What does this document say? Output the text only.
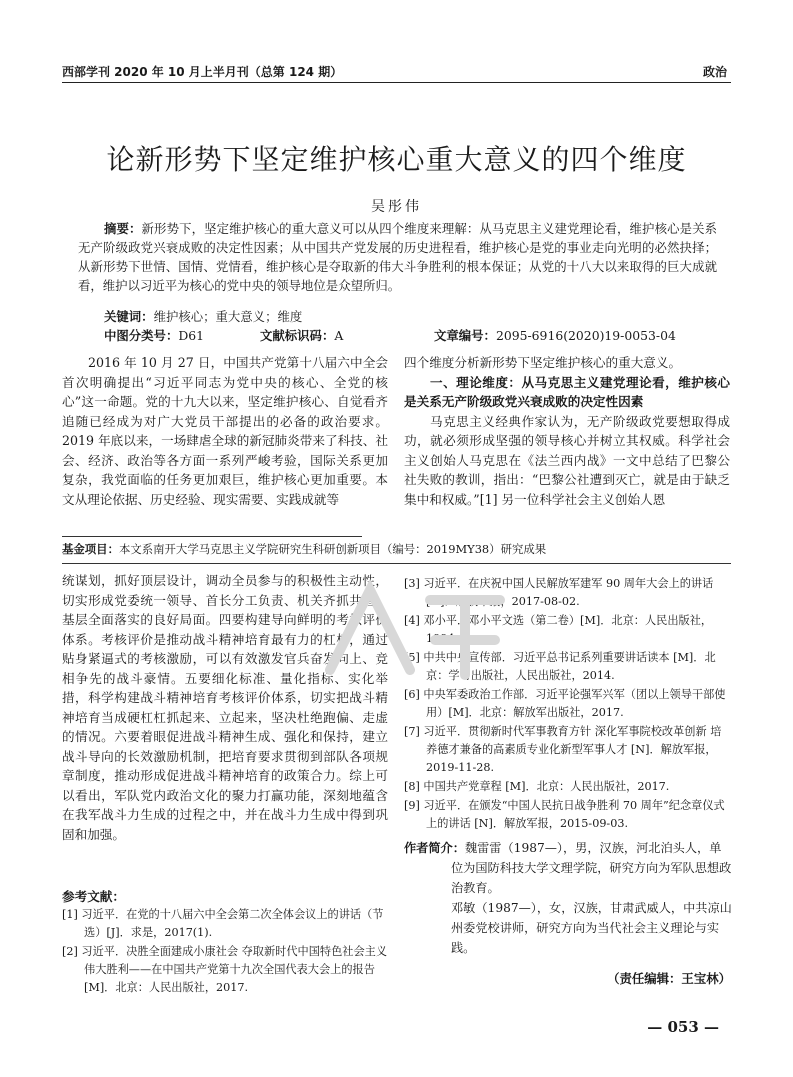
西部学刊 2020 年 10 月上半月刊（总第 124 期）	政治
论新形势下坚定维护核心重大意义的四个维度
吴彤伟
摘要：新形势下，坚定维护核心的重大意义可以从四个维度来理解：从马克思主义建党理论看，维护核心是关系无产阶级政党兴衰成败的决定性因素；从中国共产党发展的历史进程看，维护核心是党的事业走向光明的必然抉择；从新形势下世情、国情、党情看，维护核心是夺取新的伟大斗争胜利的根本保证；从党的十八大以来取得的巨大成就看，维护以习近平为核心的党中央的领导地位是众望所归。
关键词：维护核心；重大意义；维度
中图分类号：D61	文献标识码：A	文章编号：2095-6916(2020)19-0053-04

2016 年 10 月 27 日，中国共产党第十八届六中全会首次明确提出“习近平同志为党中央的核心、全党的核心”这一命题。党的十九大以来，坚定维护核心、自觉看齐追随已经成为对广大党员干部提出的必备的政治要求。2019 年底以来，一场肆虐全球的新冠肺炎带来了科技、社会、经济、政治等各方面一系列严峻考验，国际关系更加复杂，我党面临的任务更加艰巨，维护核心更加重要。本文从理论依据、历史经验、现实需要、实践成就等

四个维度分析新形势下坚定维护核心的重大意义。

一、理论维度：从马克思主义建党理论看，维护核心是关系无产阶级政党兴衰成败的决定性因素

马克思主义经典作家认为，无产阶级政党要想取得成功，就必须形成坚强的领导核心并树立其权威。科学社会主义创始人马克思在《法兰西内战》一文中总结了巴黎公社失败的教训，指出：“巴黎公社遭到灭亡，就是由于缺乏集中和权威。”[1] 另一位科学社会主义创始人恩

基金项目：本文系南开大学马克思主义学院研究生科研创新项目（编号：2019MY38）研究成果

统谋划，抓好顶层设计，调动全员参与的积极性主动性，切实形成党委统一领导、首长分工负责、机关齐抓共管、基层全面落实的良好局面。四要构建导向鲜明的考核评价体系。考核评价是推动战斗精神培育最有力的杠杆，通过贴身紧逼式的考核激励，可以有效激发官兵奋发向上、竞相争先的战斗豪情。五要细化标准、量化指标、实化举措，科学构建战斗精神培育考核评价体系，切实把战斗精神培育当成硬杠杠抓起来、立起来，坚决杜绝跑偏、走虚的情况。六要着眼促进战斗精神生成、强化和保持，建立战斗导向的长效激励机制，把培育要求贯彻到部队各项规章制度，推动形成促进战斗精神培育的政策合力。综上可以看出，军队党内政治文化的聚力打赢功能，深刻地蕴含在我军战斗力生成的过程之中，并在战斗力生成中得到巩固和加强。

参考文献：

[1] 习近平．在党的十八届六中全会第二次全体会议上的讲话（节选）[J]．求是，2017(1).

[2] 习近平．决胜全面建成小康社会 夺取新时代中国特色社会主义伟大胜利——在中国共产党第十九次全国代表大会上的报告 [M]．北京：人民出版社，2017.

[3] 习近平．在庆祝中国人民解放军建军 90 周年大会上的讲话 [N]．解放军报，2017-08-02.

[4] 邓小平．邓小平文选（第二卷）[M]．北京：人民出版社，1994.

[5] 中共中央宣传部．习近平总书记系列重要讲话读本 [M]．北京：学习出版社，人民出版社，2014.

[6] 中央军委政治工作部．习近平论强军兴军（团以上领导干部使用）[M]．北京：解放军出版社，2017.

[7] 习近平．贯彻新时代军事教育方针 深化军事院校改革创新 培养德才兼备的高素质专业化新型军事人才 [N]．解放军报，2019-11-28.

[8] 中国共产党章程 [M]．北京：人民出版社，2017.

[9] 习近平．在颁发“中国人民抗日战争胜利 70 周年”纪念章仪式上的讲话 [N]．解放军报，2015-09-03.

作者简介：魏雷雷（1987—），男，汉族，河北泊头人，单位为国防科技大学文理学院，研究方向为军队思想政治教育。

邓敏（1987—），女，汉族，甘肃武威人，中共凉山州委党校讲师，研究方向为当代社会主义理论与实践。

（责任编辑：王宝林）
— 053 —
